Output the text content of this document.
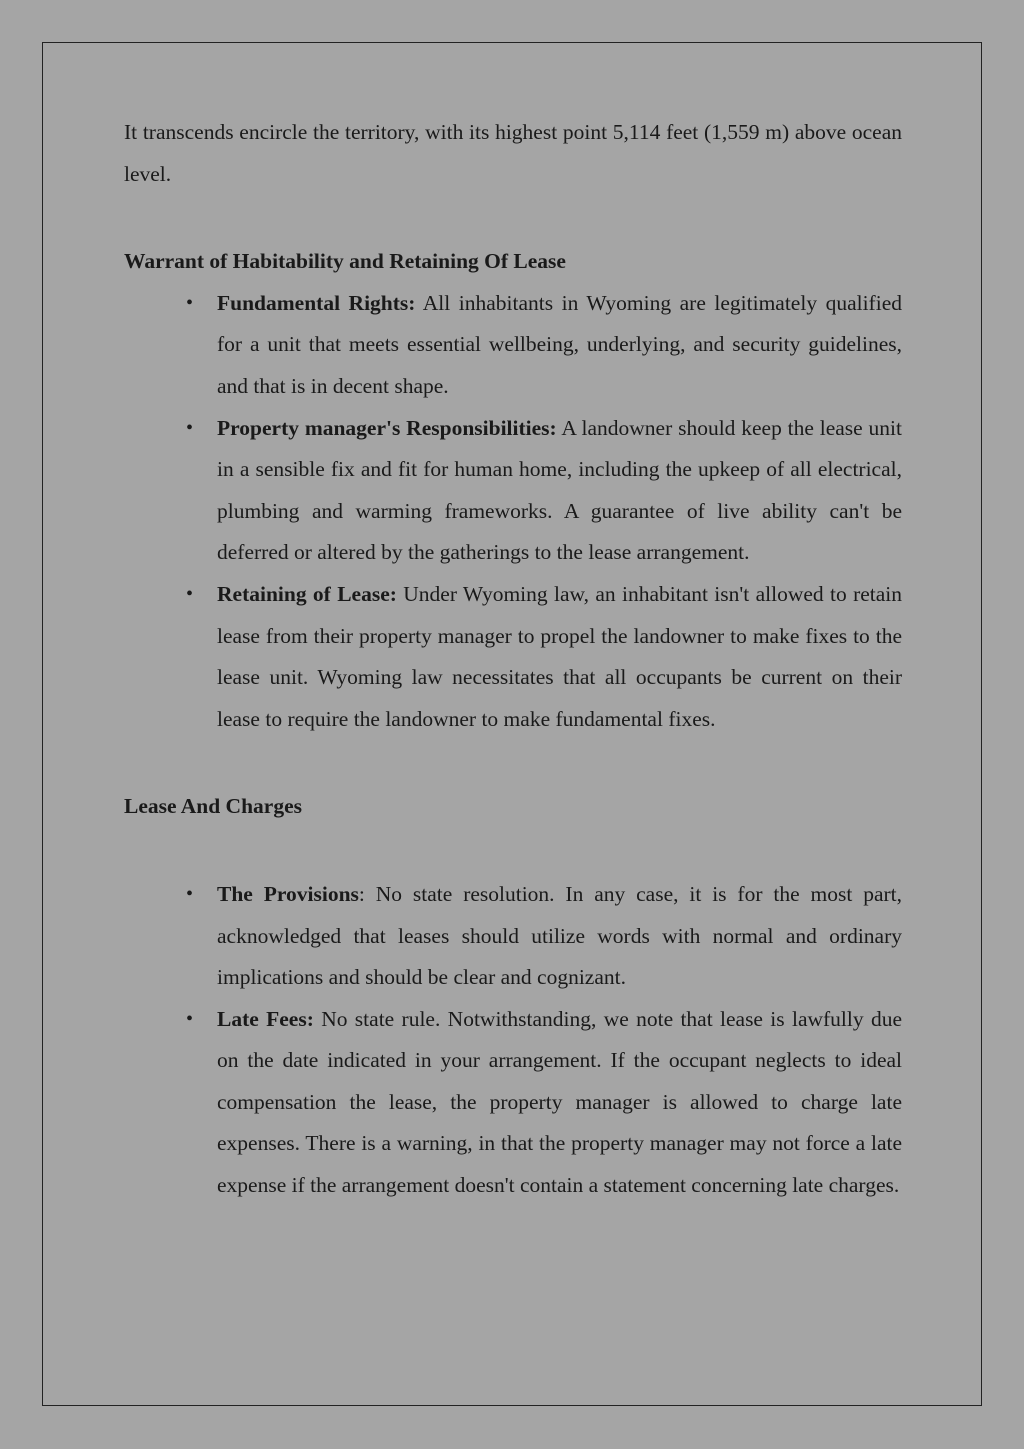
It transcends encircle the territory, with its highest point 5,114 feet (1,559 m) above ocean level.

Warrant of Habitability and Retaining Of Lease
• Fundamental Rights: All inhabitants in Wyoming are legitimately qualified for a unit that meets essential wellbeing, underlying, and security guidelines, and that is in decent shape.
• Property manager's Responsibilities: A landowner should keep the lease unit in a sensible fix and fit for human home, including the upkeep of all electrical, plumbing and warming frameworks. A guarantee of live ability can't be deferred or altered by the gatherings to the lease arrangement.
• Retaining of Lease: Under Wyoming law, an inhabitant isn't allowed to retain lease from their property manager to propel the landowner to make fixes to the lease unit. Wyoming law necessitates that all occupants be current on their lease to require the landowner to make fundamental fixes.
Lease And Charges
• The Provisions: No state resolution. In any case, it is for the most part, acknowledged that leases should utilize words with normal and ordinary implications and should be clear and cognizant.
• Late Fees: No state rule. Notwithstanding, we note that lease is lawfully due on the date indicated in your arrangement. If the occupant neglects to ideal compensation the lease, the property manager is allowed to charge late expenses. There is a warning, in that the property manager may not force a late expense if the arrangement doesn't contain a statement concerning late charges.
